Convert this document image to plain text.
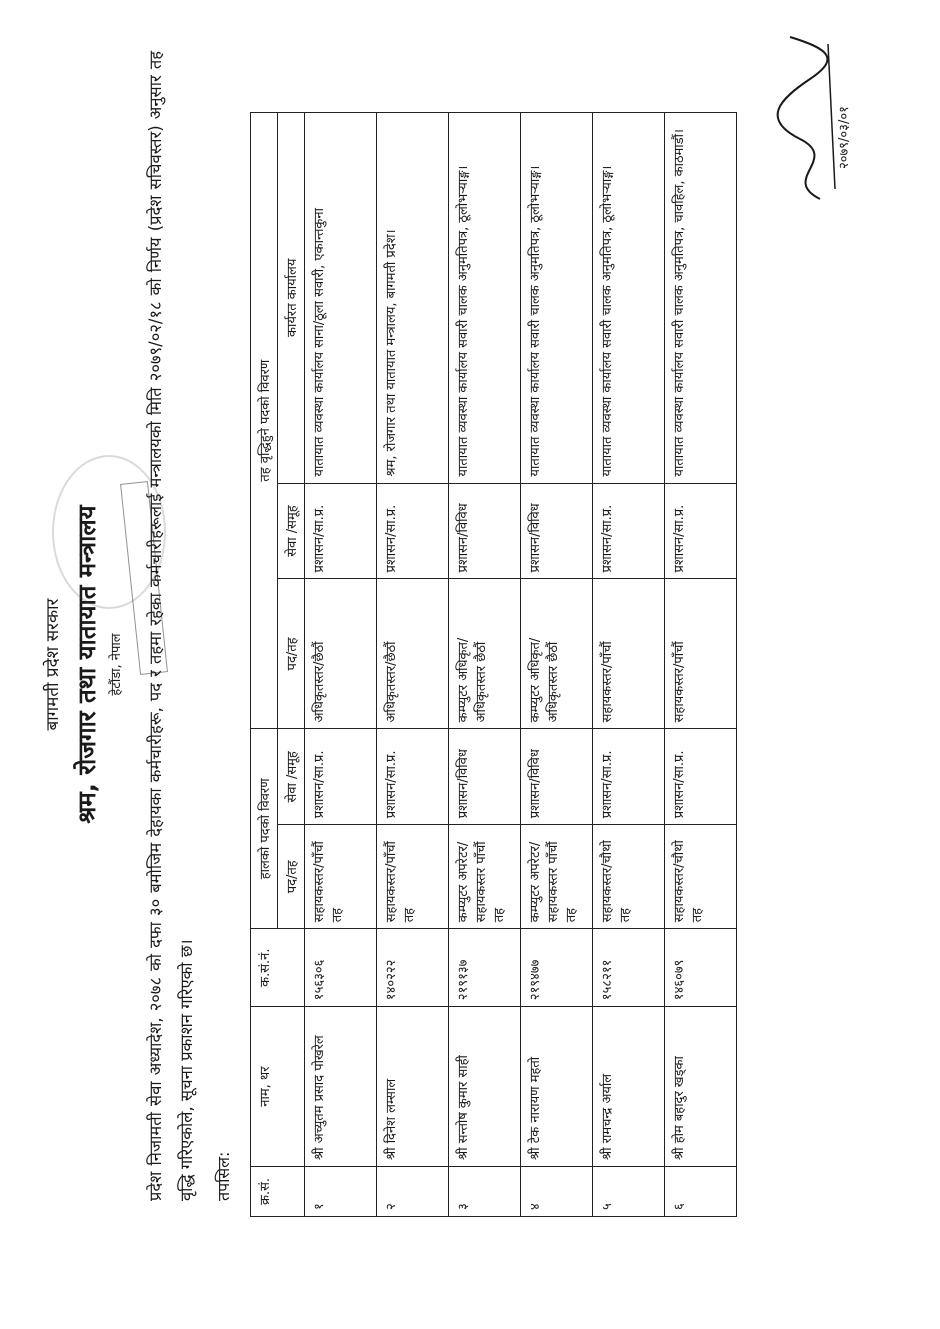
बागमती प्रदेश सरकार श्रम, रोजगार तथा यातायात मन्त्रालय हेटौंडा, नेपाल	प्रदेश निजामती सेवा अध्यादेश, २०७८ को दफा ३० बमोजिम देहायका कर्मचारीहरू, पद र तहमा रहेका कर्मचारीहरूलाई मन्त्रालयको मिति २०७९/०२/१८ को निर्णय (प्रदेश सचिवस्तर) अनुसार तह वृद्धि गरिएकोले, सूचना प्रकाशन गरिएको छ।	तपसिल: क्र.सं.	नाम, थर	क.सं.नं.	हालको पदको विवरण		तह वृद्धिहुने पदको विवरण		
			पद/तह	सेवा /समूह	पद/तह	सेवा /समूह	कार्यरत कार्यालय
१	श्री अच्युतम प्रसाद पोखरेल	१५६३०६	सहायकस्तर/पाँचौं तह	प्रशासन/सा.प्र.	अधिकृतस्तर/छैठौं	प्रशासन/सा.प्र.	यातायात व्यवस्था कार्यालय साना/ठूला सवारी, एकान्तकुना
२	श्री दिनेश लम्साल	१४०२२२	सहायकस्तर/पाँचौं तह	प्रशासन/सा.प्र.	अधिकृतस्तर/छैठौं	प्रशासन/सा.प्र.	श्रम, रोजगार तथा यातायात मन्त्रालय, बागमती प्रदेश।
३	श्री सन्तोष कुमार साही	२१९१३७	कम्प्युटर अपरेटर/सहायकस्तर पाँचौं तह	प्रशासन/विविध	कम्प्युटर अधिकृत/अधिकृतस्तर छैठौं	प्रशासन/विविध	यातायात व्यवस्था कार्यालय सवारी चालक अनुमतिपत्र, ठूलोभऱ्याङ्ग।
४	श्री टेक नारायण महतो	२१९४७७	कम्प्युटर अपरेटर/सहायकस्तर पाँचौं तह	प्रशासन/विविध	कम्प्युटर अधिकृत/अधिकृतस्तर छैठौं	प्रशासन/विविध	यातायात व्यवस्था कार्यालय सवारी चालक अनुमतिपत्र, ठूलोभऱ्याङ्ग।
५	श्री रामचन्द्र अर्याल	१५८२११	सहायकस्तर/चौथो तह	प्रशासन/सा.प्र.	सहायकस्तर/पाँचौं	प्रशासन/सा.प्र.	यातायात व्यवस्था कार्यालय सवारी चालक अनुमतिपत्र, ठूलोभऱ्याङ्ग।
६	श्री होम बहादुर खड्का	१४६०७९	सहायकस्तर/चौथो तह	प्रशासन/सा.प्र.	सहायकस्तर/पाँचौं	प्रशासन/सा.प्र.	यातायात व्यवस्था कार्यालय सवारी चालक अनुमतिपत्र, चावहिल, काठमाडौं।	२०७९/०३/०१
